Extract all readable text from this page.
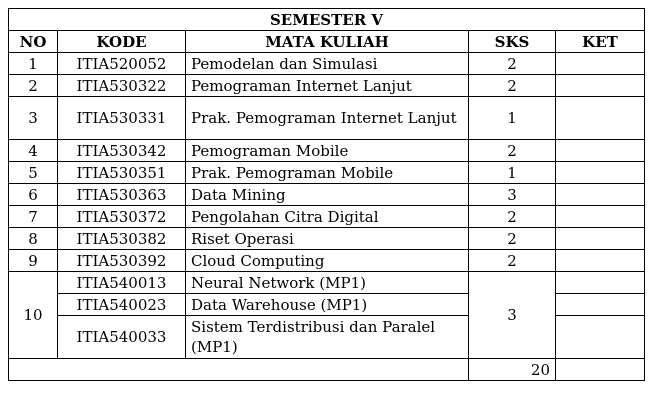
SEMESTER V				
NO	KODE	MATA KULIAH	SKS	KET
1	ITIA520052	Pemodelan dan Simulasi	2	
2	ITIA530322	Pemograman Internet Lanjut	2	
3	ITIA530331	Prak. Pemograman Internet Lanjut	1	
4	ITIA530342	Pemograman Mobile	2	
5	ITIA530351	Prak. Pemograman Mobile	1	
6	ITIA530363	Data Mining	3	
7	ITIA530372	Pengolahan Citra Digital	2	
8	ITIA530382	Riset Operasi	2	
9	ITIA530392	Cloud Computing	2	
10	ITIA540013	Neural Network (MP1)	3	
	ITIA540023	Data Warehouse (MP1)		
	ITIA540033	Sistem Terdistribusi dan Paralel (MP1)		
			20	
